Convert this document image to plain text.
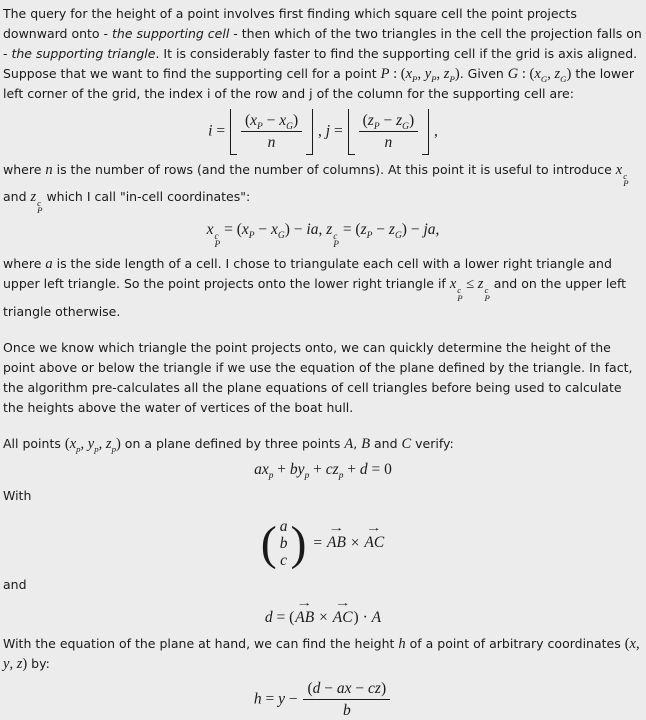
The query for the height of a point involves first finding which square cell the point projects downward onto - the supporting cell - then which of the two triangles in the cell the projection falls on - the supporting triangle. It is considerably faster to find the supporting cell if the grid is axis aligned. Suppose that we want to find the supporting cell for a point P : ($x_P$, $y_P$, $z_P$). Given G : ($x_G$, $z_G$) the lower left corner of the grid, the index i of the row and j of the column for the supporting cell are:

$i = \frac{(x_P - x_G)}{n}$ , $j = \frac{(z_P - z_G)}{n}$ ,

where n is the number of rows (and the number of columns). At this point it is useful to introduce x c
P
and z c
P
which I call "in-cell coordinates":

x c
P
= $(x_P - x_G)$ − ia, z c
P
= $(z_P - z_G)$ − ja,

where a is the side length of a cell. I chose to triangulate each cell with a lower right triangle and upper left triangle. So the point projects onto the lower right triangle if x c
P
≤ z c
P
and on the upper left triangle otherwise.

Once we know which triangle the point projects onto, we can quickly determine the height of the point above or below the triangle if we use the equation of the plane defined by the triangle. In fact, the algorithm pre-calculates all the plane equations of cell triangles before being used to calculate the heights above the water of vertices of the boat hull.

All points ($x_p$, $y_p$, $z_p$) on a plane defined by three points A, B and C verify:

$ax_p + by_p + cz_p + d = 0$

With

( a
b
c ) =
→
AB ×
→
AC

and

d = (
→
AB ×
→
AC) · A

With the equation of the plane at hand, we can find the height h of a point of arbitrary coordinates (x, y, z) by:

$h = y - \frac{(d - ax - cz)}{b}$
